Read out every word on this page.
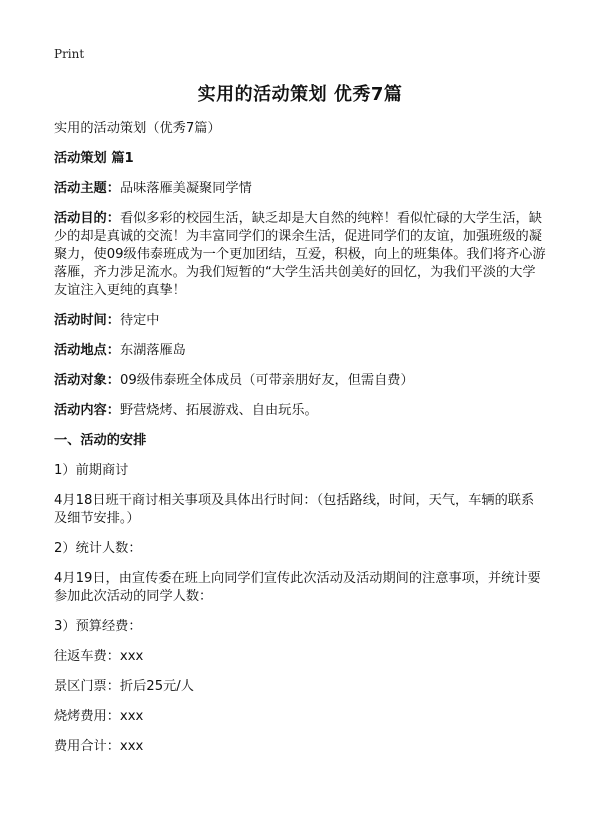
Print
实用的活动策划 优秀7篇
实用的活动策划（优秀7篇）
活动策划 篇1
活动主题：品味落雁美凝聚同学情
活动目的：看似多彩的校园生活，缺乏却是大自然的纯粹！看似忙碌的大学生活，缺少的却是真诚的交流！为丰富同学们的课余生活，促进同学们的友谊，加强班级的凝聚力，使09级伟泰班成为一个更加团结，互爱，积极，向上的班集体。我们将齐心游落雁，齐力涉足流水。为我们短暂的“大学生活共创美好的回忆，为我们平淡的大学友谊注入更纯的真挚！
活动时间：待定中
活动地点：东湖落雁岛
活动对象：09级伟泰班全体成员（可带亲朋好友，但需自费）
活动内容：野营烧烤、拓展游戏、自由玩乐。
一、活动的安排
1）前期商讨
4月18日班干商讨相关事项及具体出行时间：（包括路线，时间，天气，车辆的联系及细节安排。）
2）统计人数：
4月19日，由宣传委在班上向同学们宣传此次活动及活动期间的注意事项，并统计要参加此次活动的同学人数：
3）预算经费：
往返车费：xxx
景区门票：折后25元/人
烧烤费用：xxx
费用合计：xxx
